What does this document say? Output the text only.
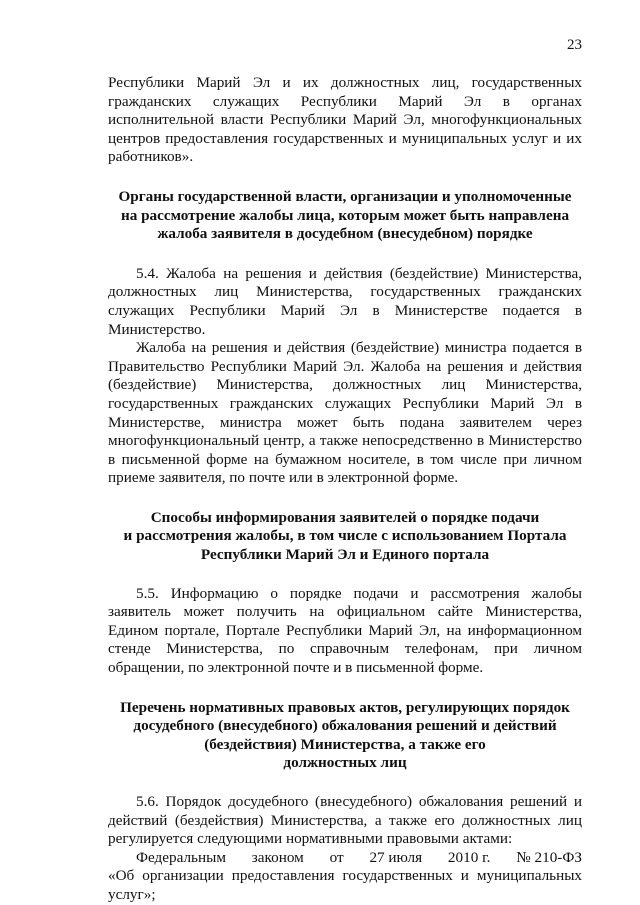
23

Республики Марий Эл и их должностных лиц, государственных гражданских служащих Республики Марий Эл в органах исполнительной власти Республики Марий Эл, многофункциональных центров предоставления государственных и муниципальных услуг и их работников».

Органы государственной власти, организации и уполномоченные
на рассмотрение жалобы лица, которым может быть направлена
жалоба заявителя в досудебном (внесудебном) порядке

5.4. Жалоба на решения и действия (бездействие) Министерства, должностных лиц Министерства, государственных гражданских служащих Республики Марий Эл в Министерстве подается в Министерство.

Жалоба на решения и действия (бездействие) министра подается в Правительство Республики Марий Эл. Жалоба на решения и действия (бездействие) Министерства, должностных лиц Министерства, государственных гражданских служащих Республики Марий Эл в Министерстве, министра может быть подана заявителем через многофункциональный центр, а также непосредственно в Министерство в письменной форме на бумажном носителе, в том числе при личном приеме заявителя, по почте или в электронной форме.

Способы информирования заявителей о порядке подачи
и рассмотрения жалобы, в том числе с использованием Портала
Республики Марий Эл и Единого портала

5.5. Информацию о порядке подачи и рассмотрения жалобы заявитель может получить на официальном сайте Министерства, Едином портале, Портале Республики Марий Эл, на информационном стенде Министерства, по справочным телефонам, при личном обращении, по электронной почте и в письменной форме.

Перечень нормативных правовых актов, регулирующих порядок
досудебного (внесудебного) обжалования решений и действий
(бездействия) Министерства, а также его
должностных лиц

5.6. Порядок досудебного (внесудебного) обжалования решений и действий (бездействия) Министерства, а также его должностных лиц регулируется следующими нормативными правовыми актами:

Федеральным законом от 27 июля 2010 г. № 210-ФЗ

«Об организации предоставления государственных и муниципальных услуг»;
